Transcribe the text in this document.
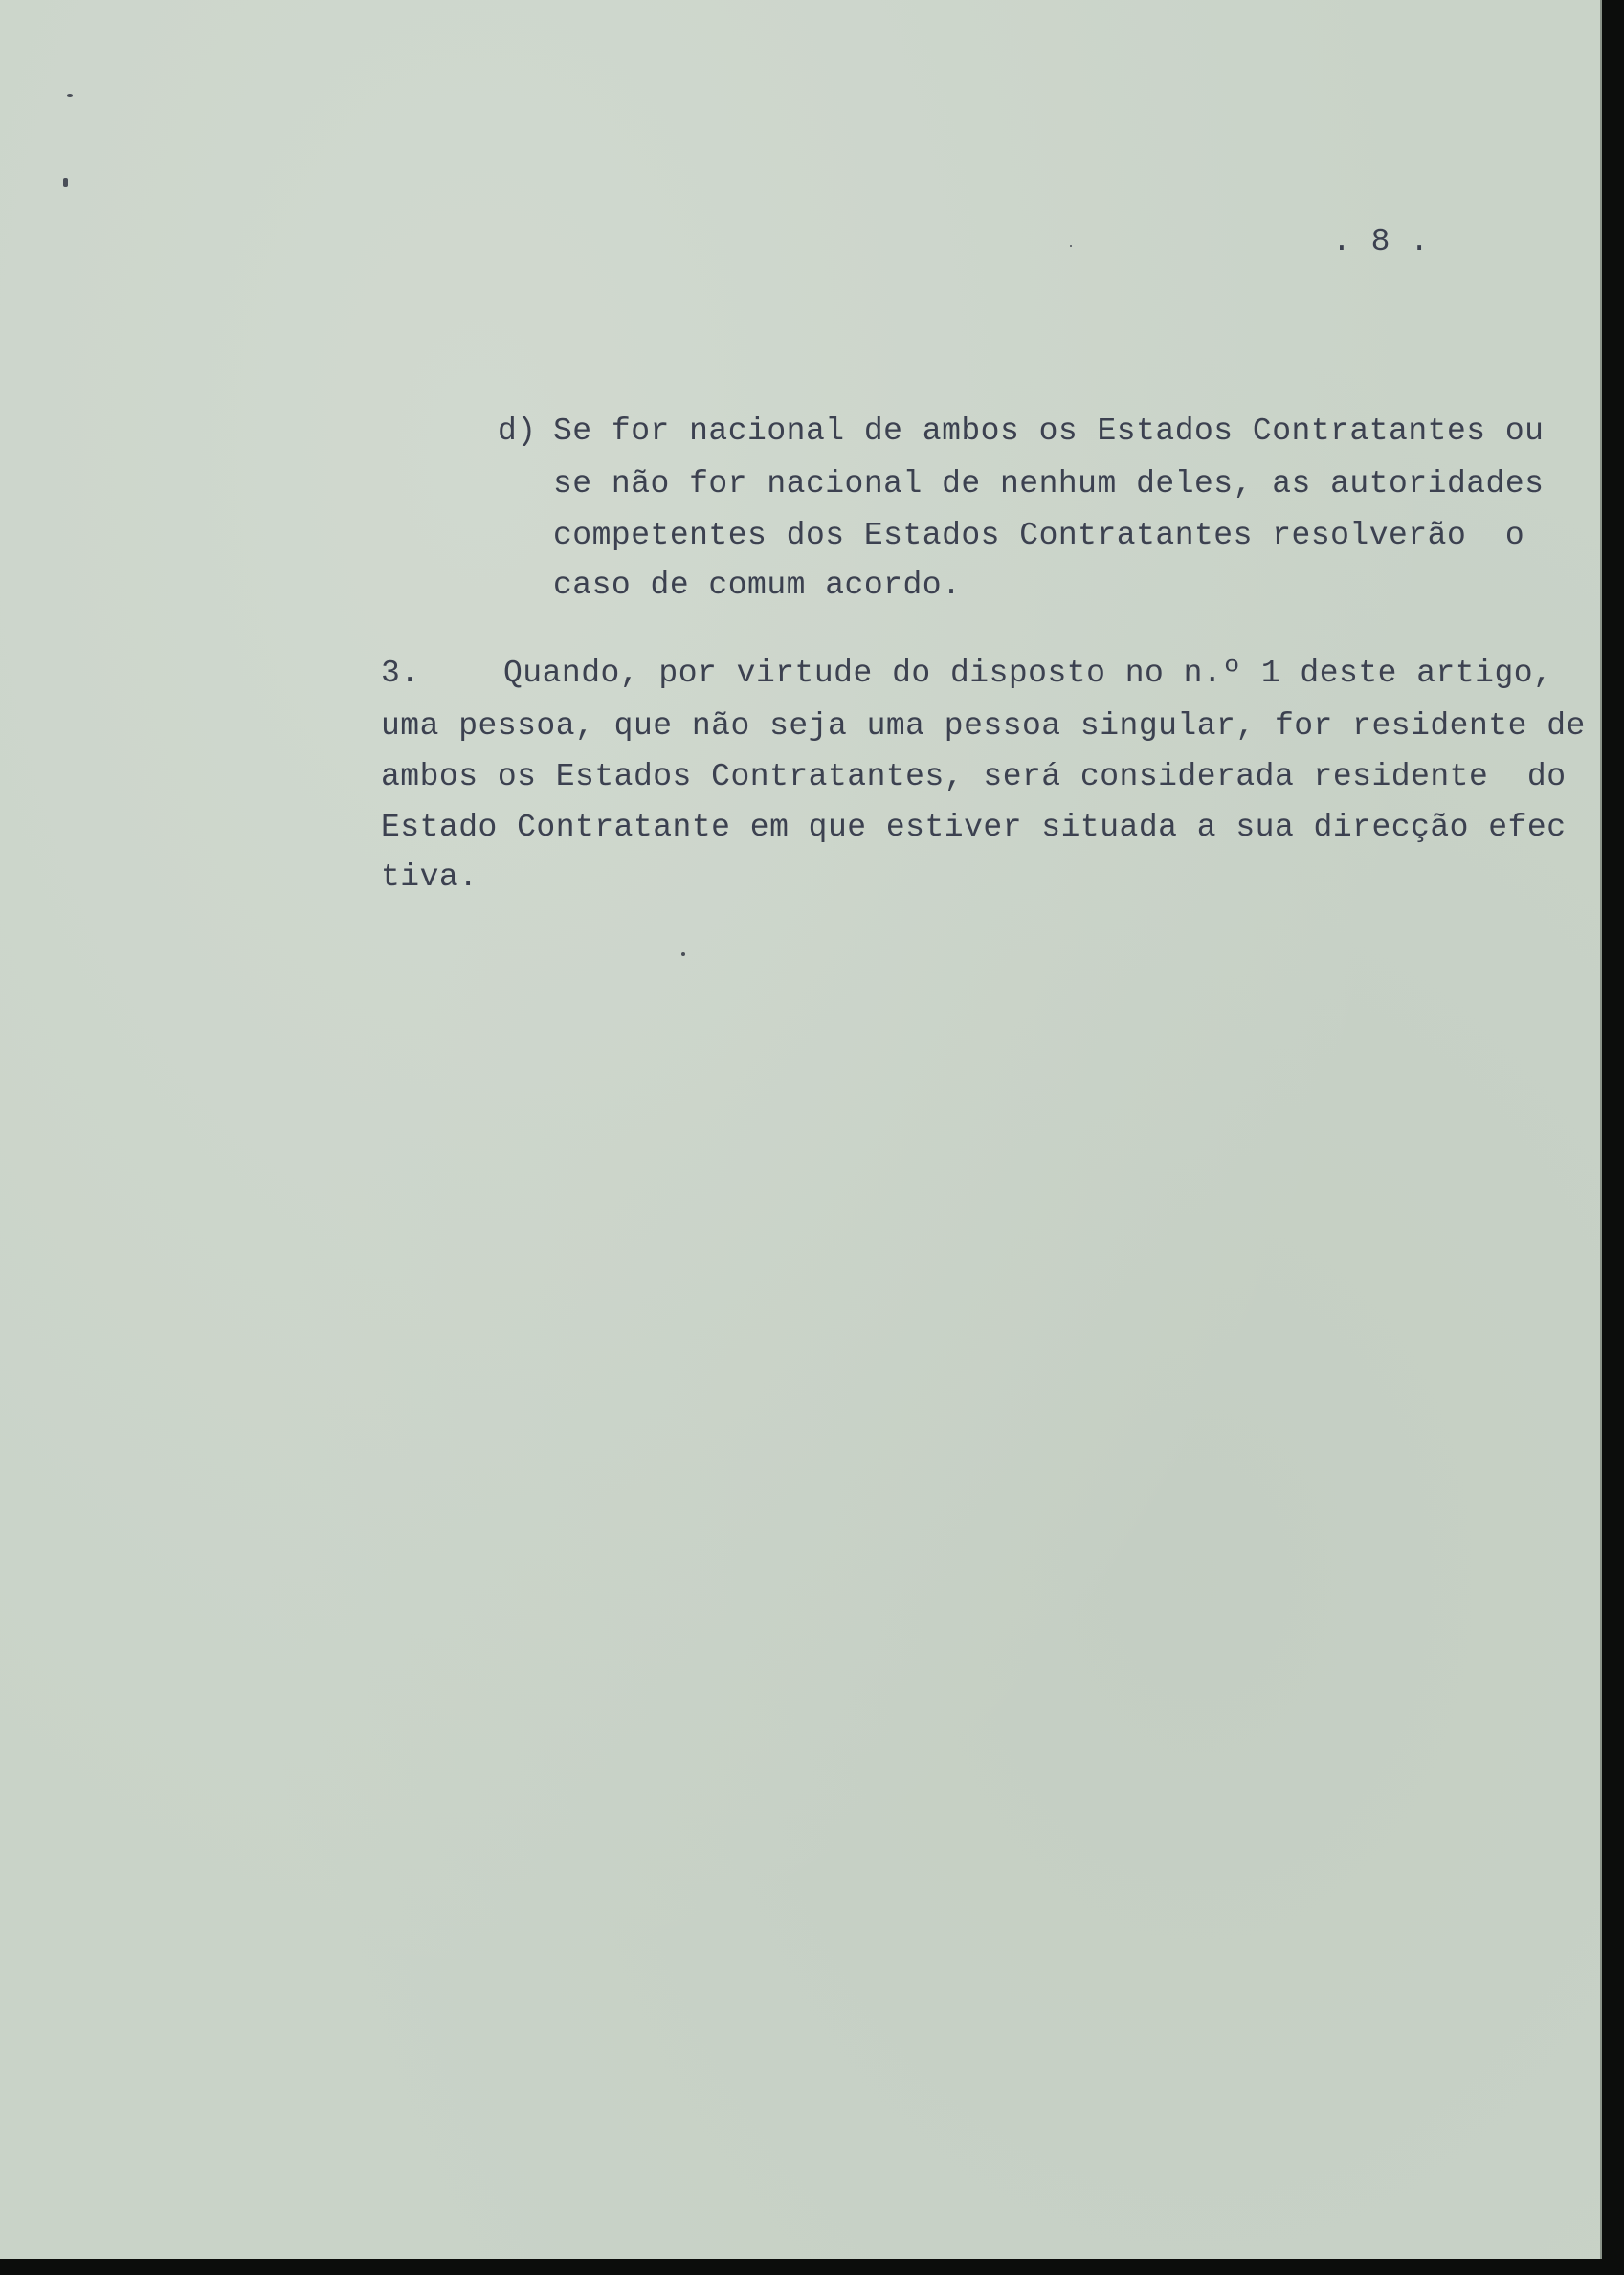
. 8 .

d) Se for nacional de ambos os Estados Contratantes ou

se não for nacional de nenhum deles, as autoridades

competentes dos Estados Contratantes resolverão  o

caso de comum acordo.

3.	Quando, por virtude do disposto no n.º 1 deste artigo,

uma pessoa, que não seja uma pessoa singular, for residente de

ambos os Estados Contratantes, será considerada residente  do

Estado Contratante em que estiver situada a sua direcção efec

tiva.
